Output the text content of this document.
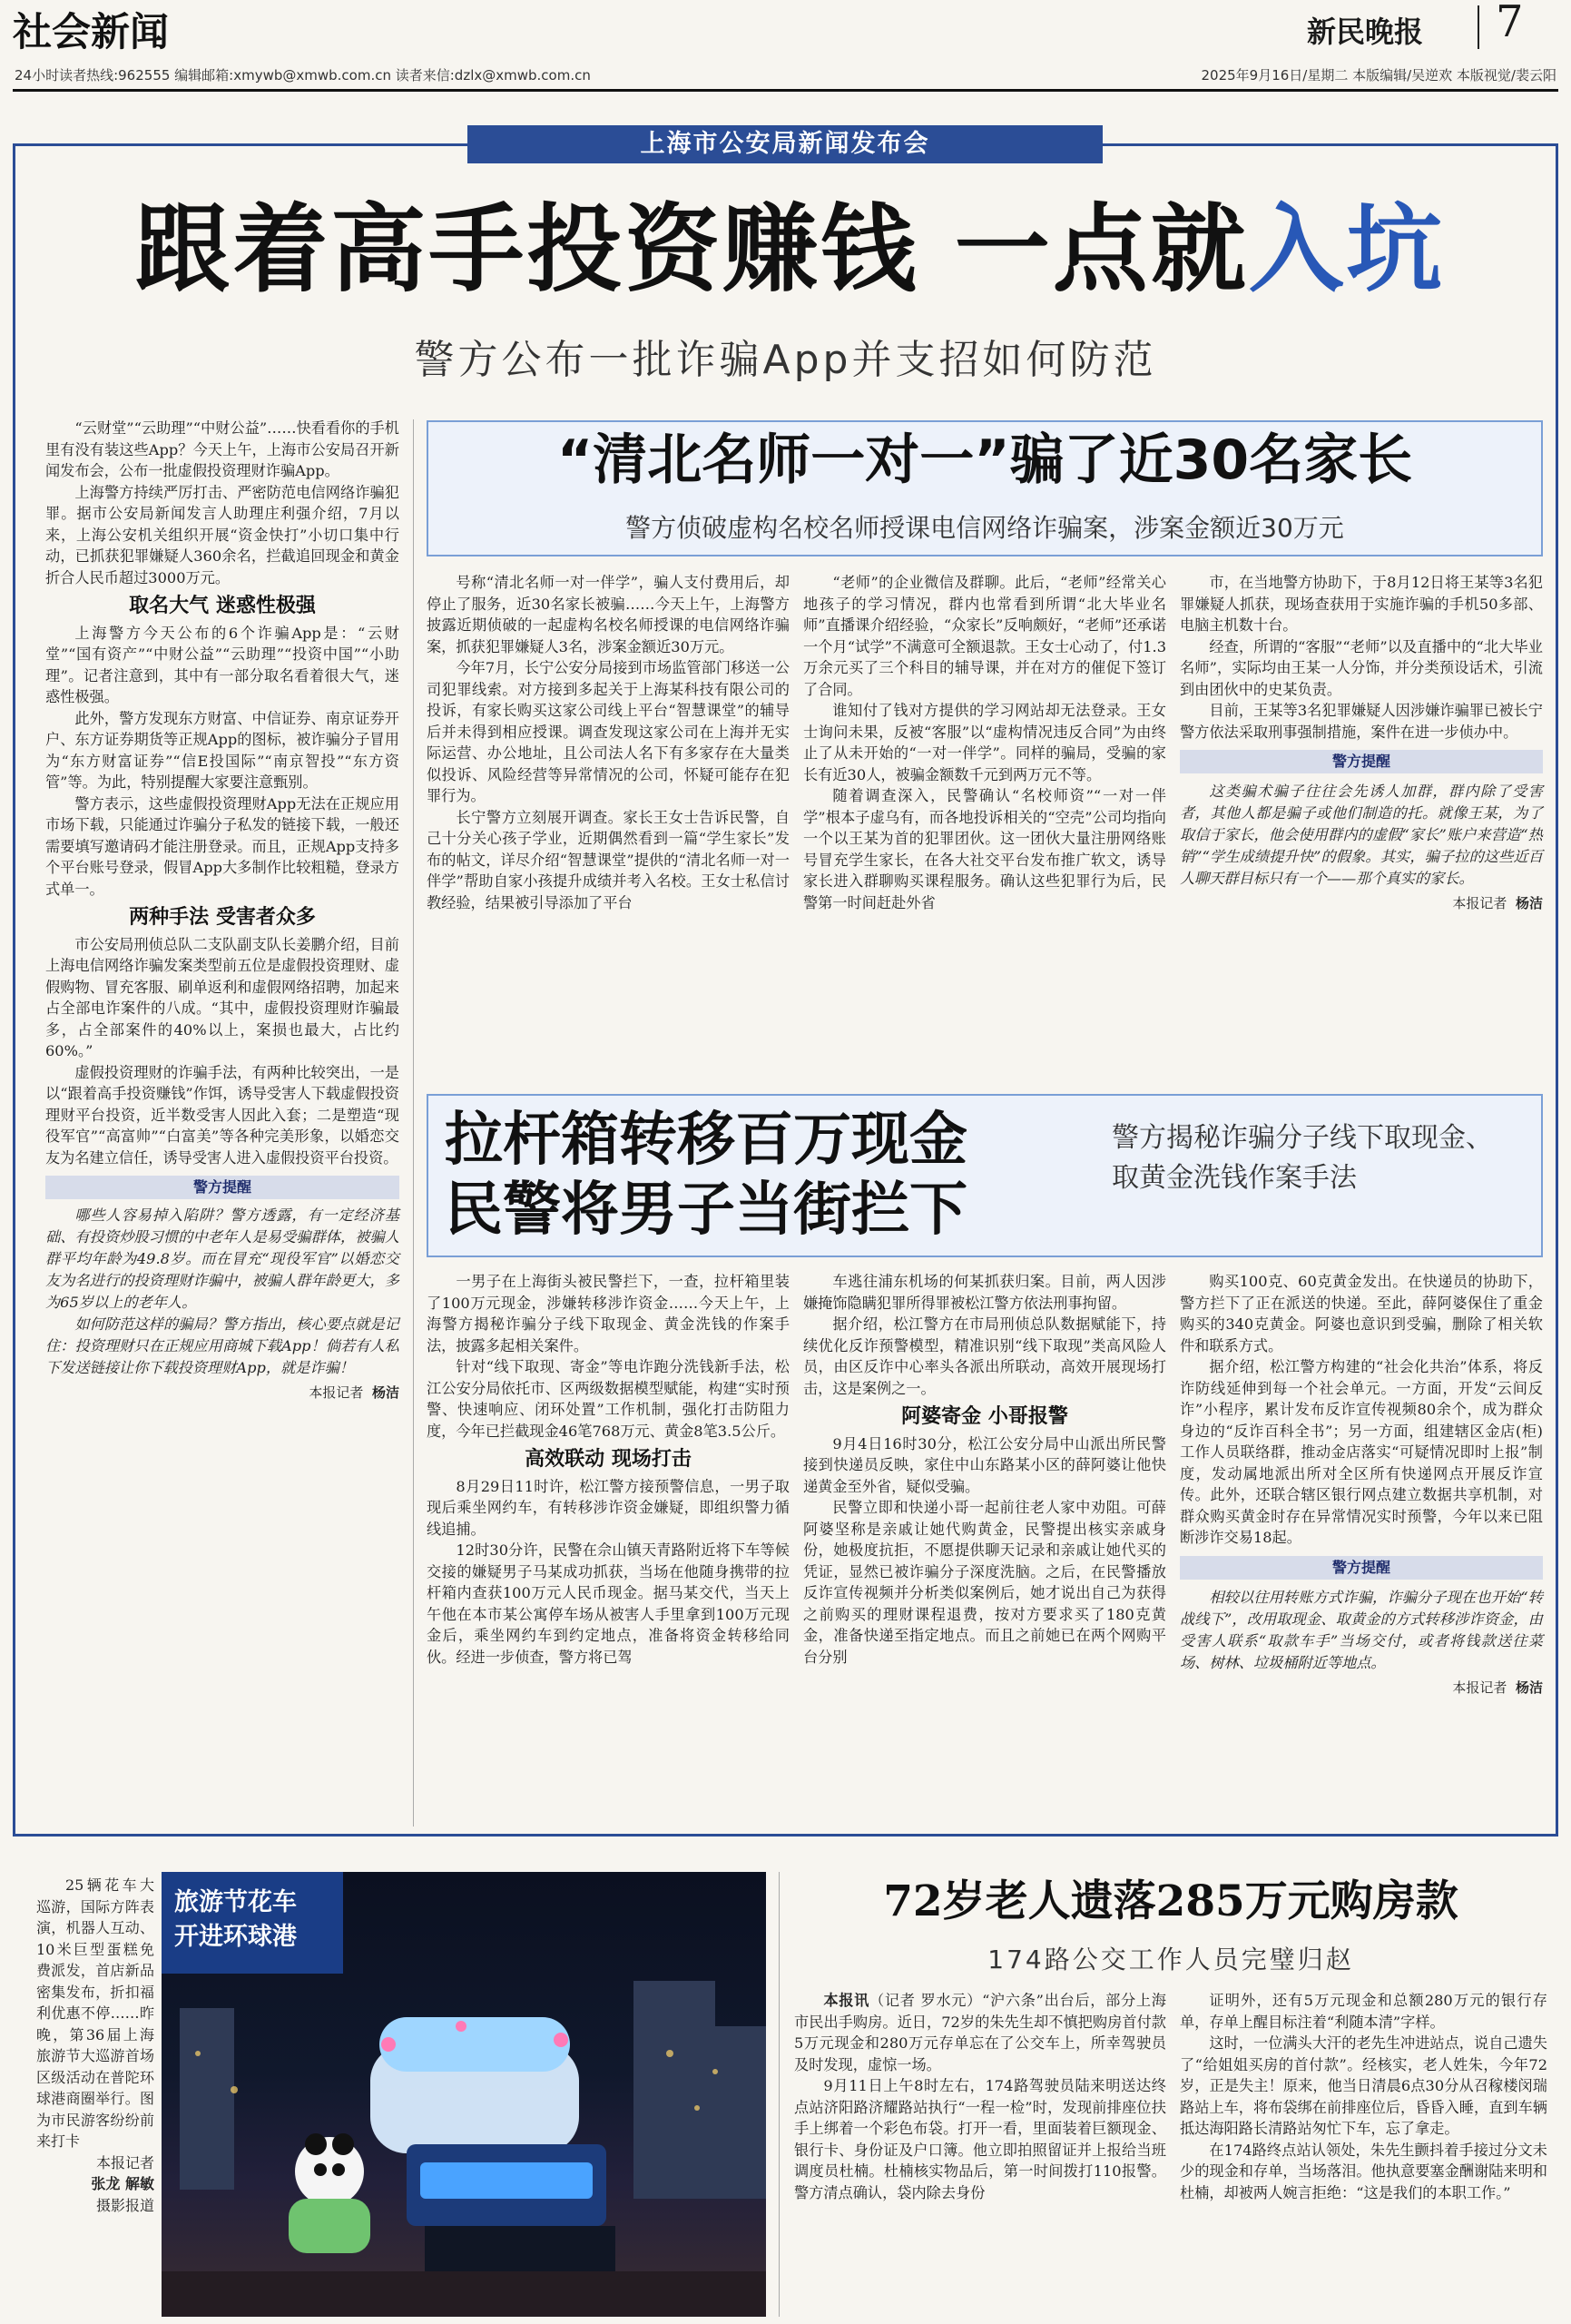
社会新闻	新民晚报 7
24小时读者热线:962555 编辑邮箱:xmywb@xmwb.com.cn 读者来信:dzlx@xmwb.com.cn	2025年9月16日/星期二 本版编辑/吴逆欢 本版视觉/裴云阳
上海市公安局新闻发布会
跟着高手投资赚钱 一点就入坑
警方公布一批诈骗App并支招如何防范

“云财堂”“云助理”“中财公益”……快看看你的手机里有没有装这些App？今天上午，上海市公安局召开新闻发布会，公布一批虚假投资理财诈骗App。

上海警方持续严厉打击、严密防范电信网络诈骗犯罪。据市公安局新闻发言人助理庄利强介绍，7月以来，上海公安机关组织开展“资金快打”小切口集中行动，已抓获犯罪嫌疑人360余名，拦截追回现金和黄金折合人民币超过3000万元。

取名大气 迷惑性极强

上海警方今天公布的6个诈骗App是：“云财堂”“国有资产”“中财公益”“云助理”“投资中国”“小助理”。记者注意到，其中有一部分取名看着很大气，迷惑性极强。

此外，警方发现东方财富、中信证券、南京证券开户、东方证券期货等正规App的图标，被诈骗分子冒用为“东方财富证券”“信E投国际”“南京智投”“东方资管”等。为此，特别提醒大家要注意甄别。

警方表示，这些虚假投资理财App无法在正规应用市场下载，只能通过诈骗分子私发的链接下载，一般还需要填写邀请码才能注册登录。而且，正规App支持多个平台账号登录，假冒App大多制作比较粗糙，登录方式单一。

两种手法 受害者众多

市公安局刑侦总队二支队副支队长姜鹏介绍，目前上海电信网络诈骗发案类型前五位是虚假投资理财、虚假购物、冒充客服、刷单返利和虚假网络招聘，加起来占全部电诈案件的八成。“其中，虚假投资理财诈骗最多，占全部案件的40%以上，案损也最大，占比约60%。”

虚假投资理财的诈骗手法，有两种比较突出，一是以“跟着高手投资赚钱”作饵，诱导受害人下载虚假投资理财平台投资，近半数受害人因此入套；二是塑造“现役军官”“高富帅”“白富美”等各种完美形象，以婚恋交友为名建立信任，诱导受害人进入虚假投资平台投资。

警方提醒

哪些人容易掉入陷阱？警方透露，有一定经济基础、有投资炒股习惯的中老年人是易受骗群体，被骗人群平均年龄为49.8岁。而在冒充“现役军官”以婚恋交友为名进行的投资理财诈骗中，被骗人群年龄更大，多为65岁以上的老年人。

如何防范这样的骗局？警方指出，核心要点就是记住：投资理财只在正规应用商城下载App！倘若有人私下发送链接让你下载投资理财App，就是诈骗！

本报记者 杨洁
“清北名师一对一”骗了近30名家长
警方侦破虚构名校名师授课电信网络诈骗案，涉案金额近30万元

号称“清北名师一对一伴学”，骗人支付费用后，却停止了服务，近30名家长被骗……今天上午，上海警方披露近期侦破的一起虚构名校名师授课的电信网络诈骗案，抓获犯罪嫌疑人3名，涉案金额近30万元。

今年7月，长宁公安分局接到市场监管部门移送一公司犯罪线索。对方接到多起关于上海某科技有限公司的投诉，有家长购买这家公司线上平台“智慧课堂”的辅导后并未得到相应授课。调查发现这家公司在上海并无实际运营、办公地址，且公司法人名下有多家存在大量类似投诉、风险经营等异常情况的公司，怀疑可能存在犯罪行为。

长宁警方立刻展开调查。家长王女士告诉民警，自己十分关心孩子学业，近期偶然看到一篇“学生家长”发布的帖文，详尽介绍“智慧课堂”提供的“清北名师一对一伴学”帮助自家小孩提升成绩并考入名校。王女士私信讨教经验，结果被引导添加了平台

“老师”的企业微信及群聊。此后，“老师”经常关心地孩子的学习情况，群内也常看到所谓“北大毕业名师”直播课介绍经验，“众家长”反响颇好，“老师”还承诺一个月“试学”不满意可全额退款。王女士心动了，付1.3万余元买了三个科目的辅导课，并在对方的催促下签订了合同。

谁知付了钱对方提供的学习网站却无法登录。王女士询问未果，反被“客服”以“虚构情况违反合同”为由终止了从未开始的“一对一伴学”。同样的骗局，受骗的家长有近30人，被骗金额数千元到两万元不等。

随着调查深入，民警确认“名校师资”“一对一伴学”根本子虚乌有，而各地投诉相关的“空壳”公司均指向一个以王某为首的犯罪团伙。这一团伙大量注册网络账号冒充学生家长，在各大社交平台发布推广软文，诱导家长进入群聊购买课程服务。确认这些犯罪行为后，民警第一时间赶赴外省

市，在当地警方协助下，于8月12日将王某等3名犯罪嫌疑人抓获，现场查获用于实施诈骗的手机50多部、电脑主机数十台。

经查，所谓的“客服”“老师”以及直播中的“北大毕业名师”，实际均由王某一人分饰，并分类预设话术，引流到由团伙中的史某负责。

目前，王某等3名犯罪嫌疑人因涉嫌诈骗罪已被长宁警方依法采取刑事强制措施，案件在进一步侦办中。

警方提醒

这类骗术骗子往往会先诱人加群，群内除了受害者，其他人都是骗子或他们制造的托。就像王某，为了取信于家长，他会使用群内的虚假“家长”账户来营造“热销”“学生成绩提升快”的假象。其实，骗子拉的这些近百人聊天群目标只有一个——那个真实的家长。

本报记者 杨洁
拉杆箱转移百万现金
民警将男子当街拦下
警方揭秘诈骗分子线下取现金、取黄金洗钱作案手法

一男子在上海街头被民警拦下，一查，拉杆箱里装了100万元现金，涉嫌转移涉诈资金……今天上午，上海警方揭秘诈骗分子线下取现金、黄金洗钱的作案手法，披露多起相关案件。

针对“线下取现、寄金”等电诈跑分洗钱新手法，松江公安分局依托市、区两级数据模型赋能，构建“实时预警、快速响应、闭环处置”工作机制，强化打击防阻力度，今年已拦截现金46笔768万元、黄金8笔3.5公斤。

高效联动 现场打击

8月29日11时许，松江警方接预警信息，一男子取现后乘坐网约车，有转移涉诈资金嫌疑，即组织警力循线追捕。

12时30分许，民警在佘山镇天青路附近将下车等候交接的嫌疑男子马某成功抓获，当场在他随身携带的拉杆箱内查获100万元人民币现金。据马某交代，当天上午他在本市某公寓停车场从被害人手里拿到100万元现金后，乘坐网约车到约定地点，准备将资金转移给同伙。经进一步侦查，警方将已驾

车逃往浦东机场的何某抓获归案。目前，两人因涉嫌掩饰隐瞒犯罪所得罪被松江警方依法刑事拘留。

据介绍，松江警方在市局刑侦总队数据赋能下，持续优化反诈预警模型，精准识别“线下取现”类高风险人员，由区反诈中心率头各派出所联动，高效开展现场打击，这是案例之一。

阿婆寄金 小哥报警

9月4日16时30分，松江公安分局中山派出所民警接到快递员反映，家住中山东路某小区的薛阿婆让他快递黄金至外省，疑似受骗。

民警立即和快递小哥一起前往老人家中劝阻。可薛阿婆坚称是亲戚让她代购黄金，民警提出核实亲戚身份，她极度抗拒，不愿提供聊天记录和亲戚让她代买的凭证，显然已被诈骗分子深度洗脑。之后，在民警播放反诈宣传视频并分析类似案例后，她才说出自己为获得之前购买的理财课程退费，按对方要求买了180克黄金，准备快递至指定地点。而且之前她已在两个网购平台分别

购买100克、60克黄金发出。在快递员的协助下，警方拦下了正在派送的快递。至此，薛阿婆保住了重金购买的340克黄金。阿婆也意识到受骗，删除了相关软件和联系方式。

据介绍，松江警方构建的“社会化共治”体系，将反诈防线延伸到每一个社会单元。一方面，开发“云间反诈”小程序，累计发布反诈宣传视频80余个，成为群众身边的“反诈百科全书”；另一方面，组建辖区金店(柜)工作人员联络群，推动金店落实“可疑情况即时上报”制度，发动属地派出所对全区所有快递网点开展反诈宣传。此外，还联合辖区银行网点建立数据共享机制，对群众购买黄金时存在异常情况实时预警，今年以来已阻断涉诈交易18起。

警方提醒

相较以往用转账方式诈骗，诈骗分子现在也开始“转战线下”，改用取现金、取黄金的方式转移涉诈资金，由受害人联系“取款车手”当场交付，或者将钱款送往菜场、树林、垃圾桶附近等地点。

本报记者 杨洁

25辆花车大巡游，国际方阵表演，机器人互动、10米巨型蛋糕免费派发，首店新品密集发布，折扣福利优惠不停……昨晚，第36届上海旅游节大巡游首场区级活动在普陀环球港商圈举行。图为市民游客纷纷前来打卡

本报记者
张龙 解敏
摄影报道
旅游节花车
开进环球港
72岁老人遗落285万元购房款
174路公交工作人员完璧归赵

本报讯（记者 罗水元）“沪六条”出台后，部分上海市民出手购房。近日，72岁的朱先生却不慎把购房首付款5万元现金和280万元存单忘在了公交车上，所幸驾驶员及时发现，虚惊一场。

9月11日上午8时左右，174路驾驶员陆来明送达终点站济阳路济耀路站执行“一程一检”时，发现前排座位扶手上绑着一个彩色布袋。打开一看，里面装着巨额现金、银行卡、身份证及户口簿。他立即拍照留证并上报给当班调度员杜楠。杜楠核实物品后，第一时间拨打110报警。警方清点确认，袋内除去身份

证明外，还有5万元现金和总额280万元的银行存单，存单上醒目标注着“利随本清”字样。

这时，一位满头大汗的老先生冲进站点，说自己遗失了“给姐姐买房的首付款”。经核实，老人姓朱，今年72岁，正是失主！原来，他当日清晨6点30分从召稼楼闵瑞路站上车，将布袋绑在前排座位后，昏昏入睡，直到车辆抵达海阳路长清路站匆忙下车，忘了拿走。

在174路终点站认领处，朱先生颤抖着手接过分文未少的现金和存单，当场落泪。他执意要塞金酬谢陆来明和杜楠，却被两人婉言拒绝：“这是我们的本职工作。”
